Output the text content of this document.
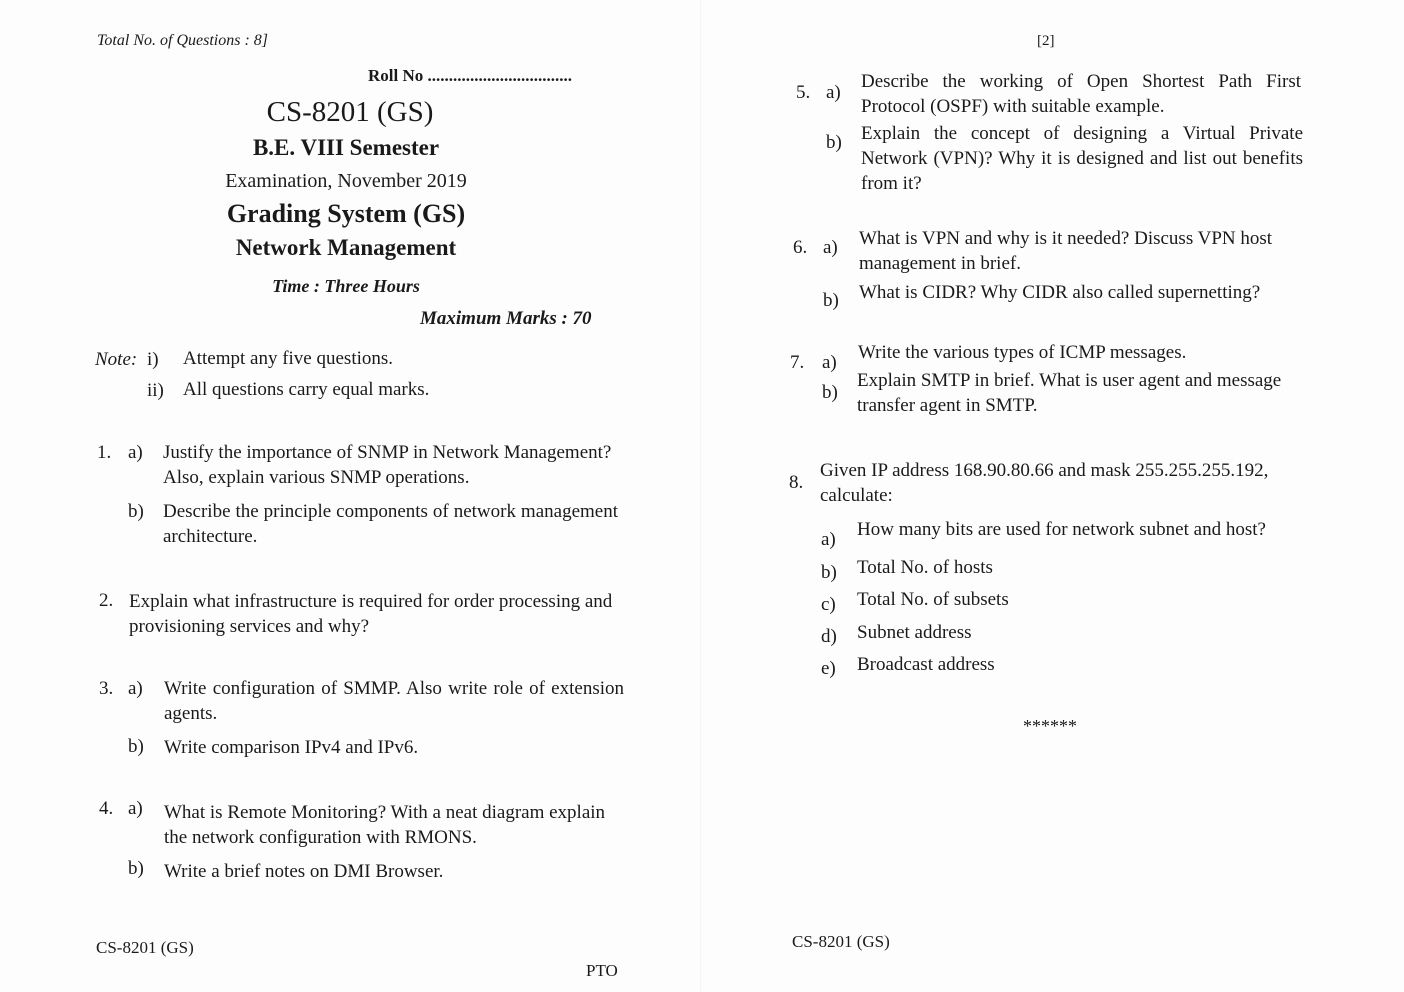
Total No. of Questions : 8]
Roll No ..................................
CS-8201 (GS)
B.E. VIII Semester
Examination, November 2019
Grading System (GS)
Network Management
Time : Three Hours
Maximum Marks : 70
Note: i) Attempt any five questions.
ii) All questions carry equal marks.
1. a) Justify the importance of SNMP in Network Management? Also, explain various SNMP operations.
b) Describe the principle components of network management architecture.
2. Explain what infrastructure is required for order processing and provisioning services and why?
3. a) Write configuration of SMMP. Also write role of extension agents.
b) Write comparison IPv4 and IPv6.
4. a) What is Remote Monitoring? With a neat diagram explain the network configuration with RMONS.
b) Write a brief notes on DMI Browser.
CS-8201 (GS)
PTO
[2]
5. a)
Describe the working of Open Shortest Path First Protocol (OSPF) with suitable example.
b) Explain the concept of designing a Virtual Private Network (VPN)? Why it is designed and list out benefits from it?
6. a) What is VPN and why is it needed? Discuss VPN host management in brief.
b) What is CIDR? Why CIDR also called supernetting?
7. a) Write the various types of ICMP messages.
b)
Explain SMTP in brief. What is user agent and message transfer agent in SMTP.
8.
Given IP address 168.90.80.66 and mask 255.255.255.192, calculate:
a) How many bits are used for network subnet and host?
b) Total No. of hosts
c) Total No. of subsets
d) Subnet address
e) Broadcast address
******
CS-8201 (GS)
